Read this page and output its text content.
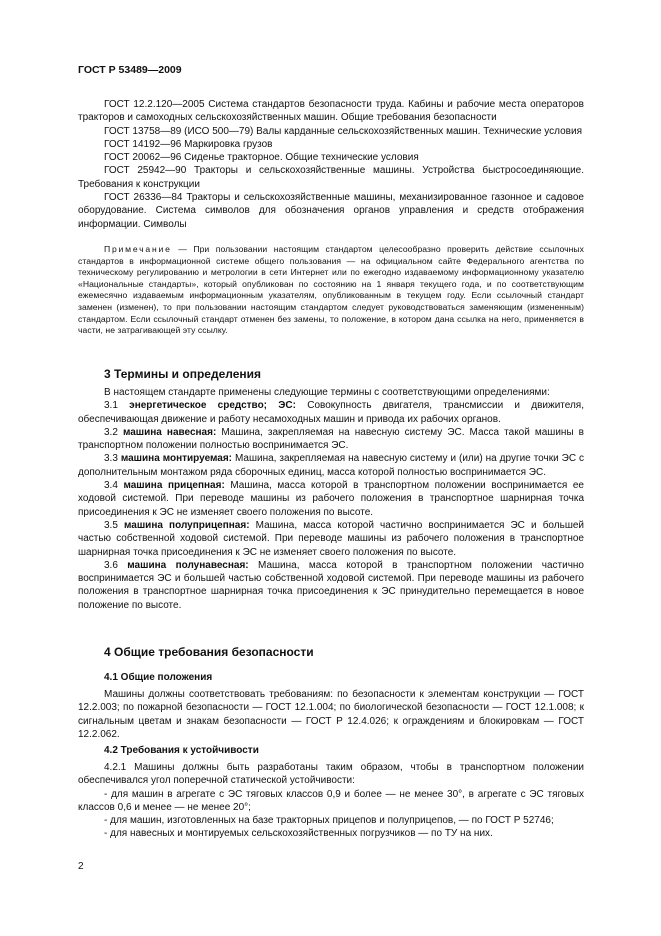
ГОСТ Р 53489—2009

ГОСТ 12.2.120—2005 Система стандартов безопасности труда. Кабины и рабочие места операторов тракторов и самоходных сельскохозяйственных машин. Общие требования безопасности

ГОСТ 13758—89 (ИСО 500—79) Валы карданные сельскохозяйственных машин. Технические условия

ГОСТ 14192—96 Маркировка грузов

ГОСТ 20062—96 Сиденье тракторное. Общие технические условия

ГОСТ 25942—90 Тракторы и сельскохозяйственные машины. Устройства быстросоединяющие. Требования к конструкции

ГОСТ 26336—84 Тракторы и сельскохозяйственные машины, механизированное газонное и садовое оборудование. Система символов для обозначения органов управления и средств отображения информации. Символы

Примечание — При пользовании настоящим стандартом целесообразно проверить действие ссылочных стандартов в информационной системе общего пользования — на официальном сайте Федерального агентства по техническому регулированию и метрологии в сети Интернет или по ежегодно издаваемому информационному указателю «Национальные стандарты», который опубликован по состоянию на 1 января текущего года, и по соответствующим ежемесячно издаваемым информационным указателям, опубликованным в текущем году. Если ссылочный стандарт заменен (изменен), то при пользовании настоящим стандартом следует руководствоваться заменяющим (измененным) стандартом. Если ссылочный стандарт отменен без замены, то положение, в котором дана ссылка на него, применяется в части, не затрагивающей эту ссылку.

3 Термины и определения

В настоящем стандарте применены следующие термины с соответствующими определениями:

3.1 энергетическое средство; ЭС: Совокупность двигателя, трансмиссии и движителя, обеспечивающая движение и работу несамоходных машин и привода их рабочих органов.

3.2 машина навесная: Машина, закрепляемая на навесную систему ЭС. Масса такой машины в транспортном положении полностью воспринимается ЭС.

3.3 машина монтируемая: Машина, закрепляемая на навесную систему и (или) на другие точки ЭС с дополнительным монтажом ряда сборочных единиц, масса которой полностью воспринимается ЭС.

3.4 машина прицепная: Машина, масса которой в транспортном положении воспринимается ее ходовой системой. При переводе машины из рабочего положения в транспортное шарнирная точка присоединения к ЭС не изменяет своего положения по высоте.

3.5 машина полуприцепная: Машина, масса которой частично воспринимается ЭС и большей частью собственной ходовой системой. При переводе машины из рабочего положения в транспортное шарнирная точка присоединения к ЭС не изменяет своего положения по высоте.

3.6 машина полунавесная: Машина, масса которой в транспортном положении частично воспринимается ЭС и большей частью собственной ходовой системой. При переводе машины из рабочего положения в транспортное шарнирная точка присоединения к ЭС принудительно перемещается в новое положение по высоте.

4 Общие требования безопасности
4.1 Общие положения

Машины должны соответствовать требованиям: по безопасности к элементам конструкции — ГОСТ 12.2.003; по пожарной безопасности — ГОСТ 12.1.004; по биологической безопасности — ГОСТ 12.1.008; к сигнальным цветам и знакам безопасности — ГОСТ Р 12.4.026; к ограждениям и блокировкам — ГОСТ 12.2.062.

4.2 Требования к устойчивости

4.2.1 Машины должны быть разработаны таким образом, чтобы в транспортном положении обеспечивался угол поперечной статической устойчивости:

- для машин в агрегате с ЭС тяговых классов 0,9 и более — не менее 30°, в агрегате с ЭС тяговых классов 0,6 и менее — не менее 20°;

- для машин, изготовленных на базе тракторных прицепов и полуприцепов, — по ГОСТ Р 52746;

- для навесных и монтируемых сельскохозяйственных погрузчиков — по ТУ на них.

2
